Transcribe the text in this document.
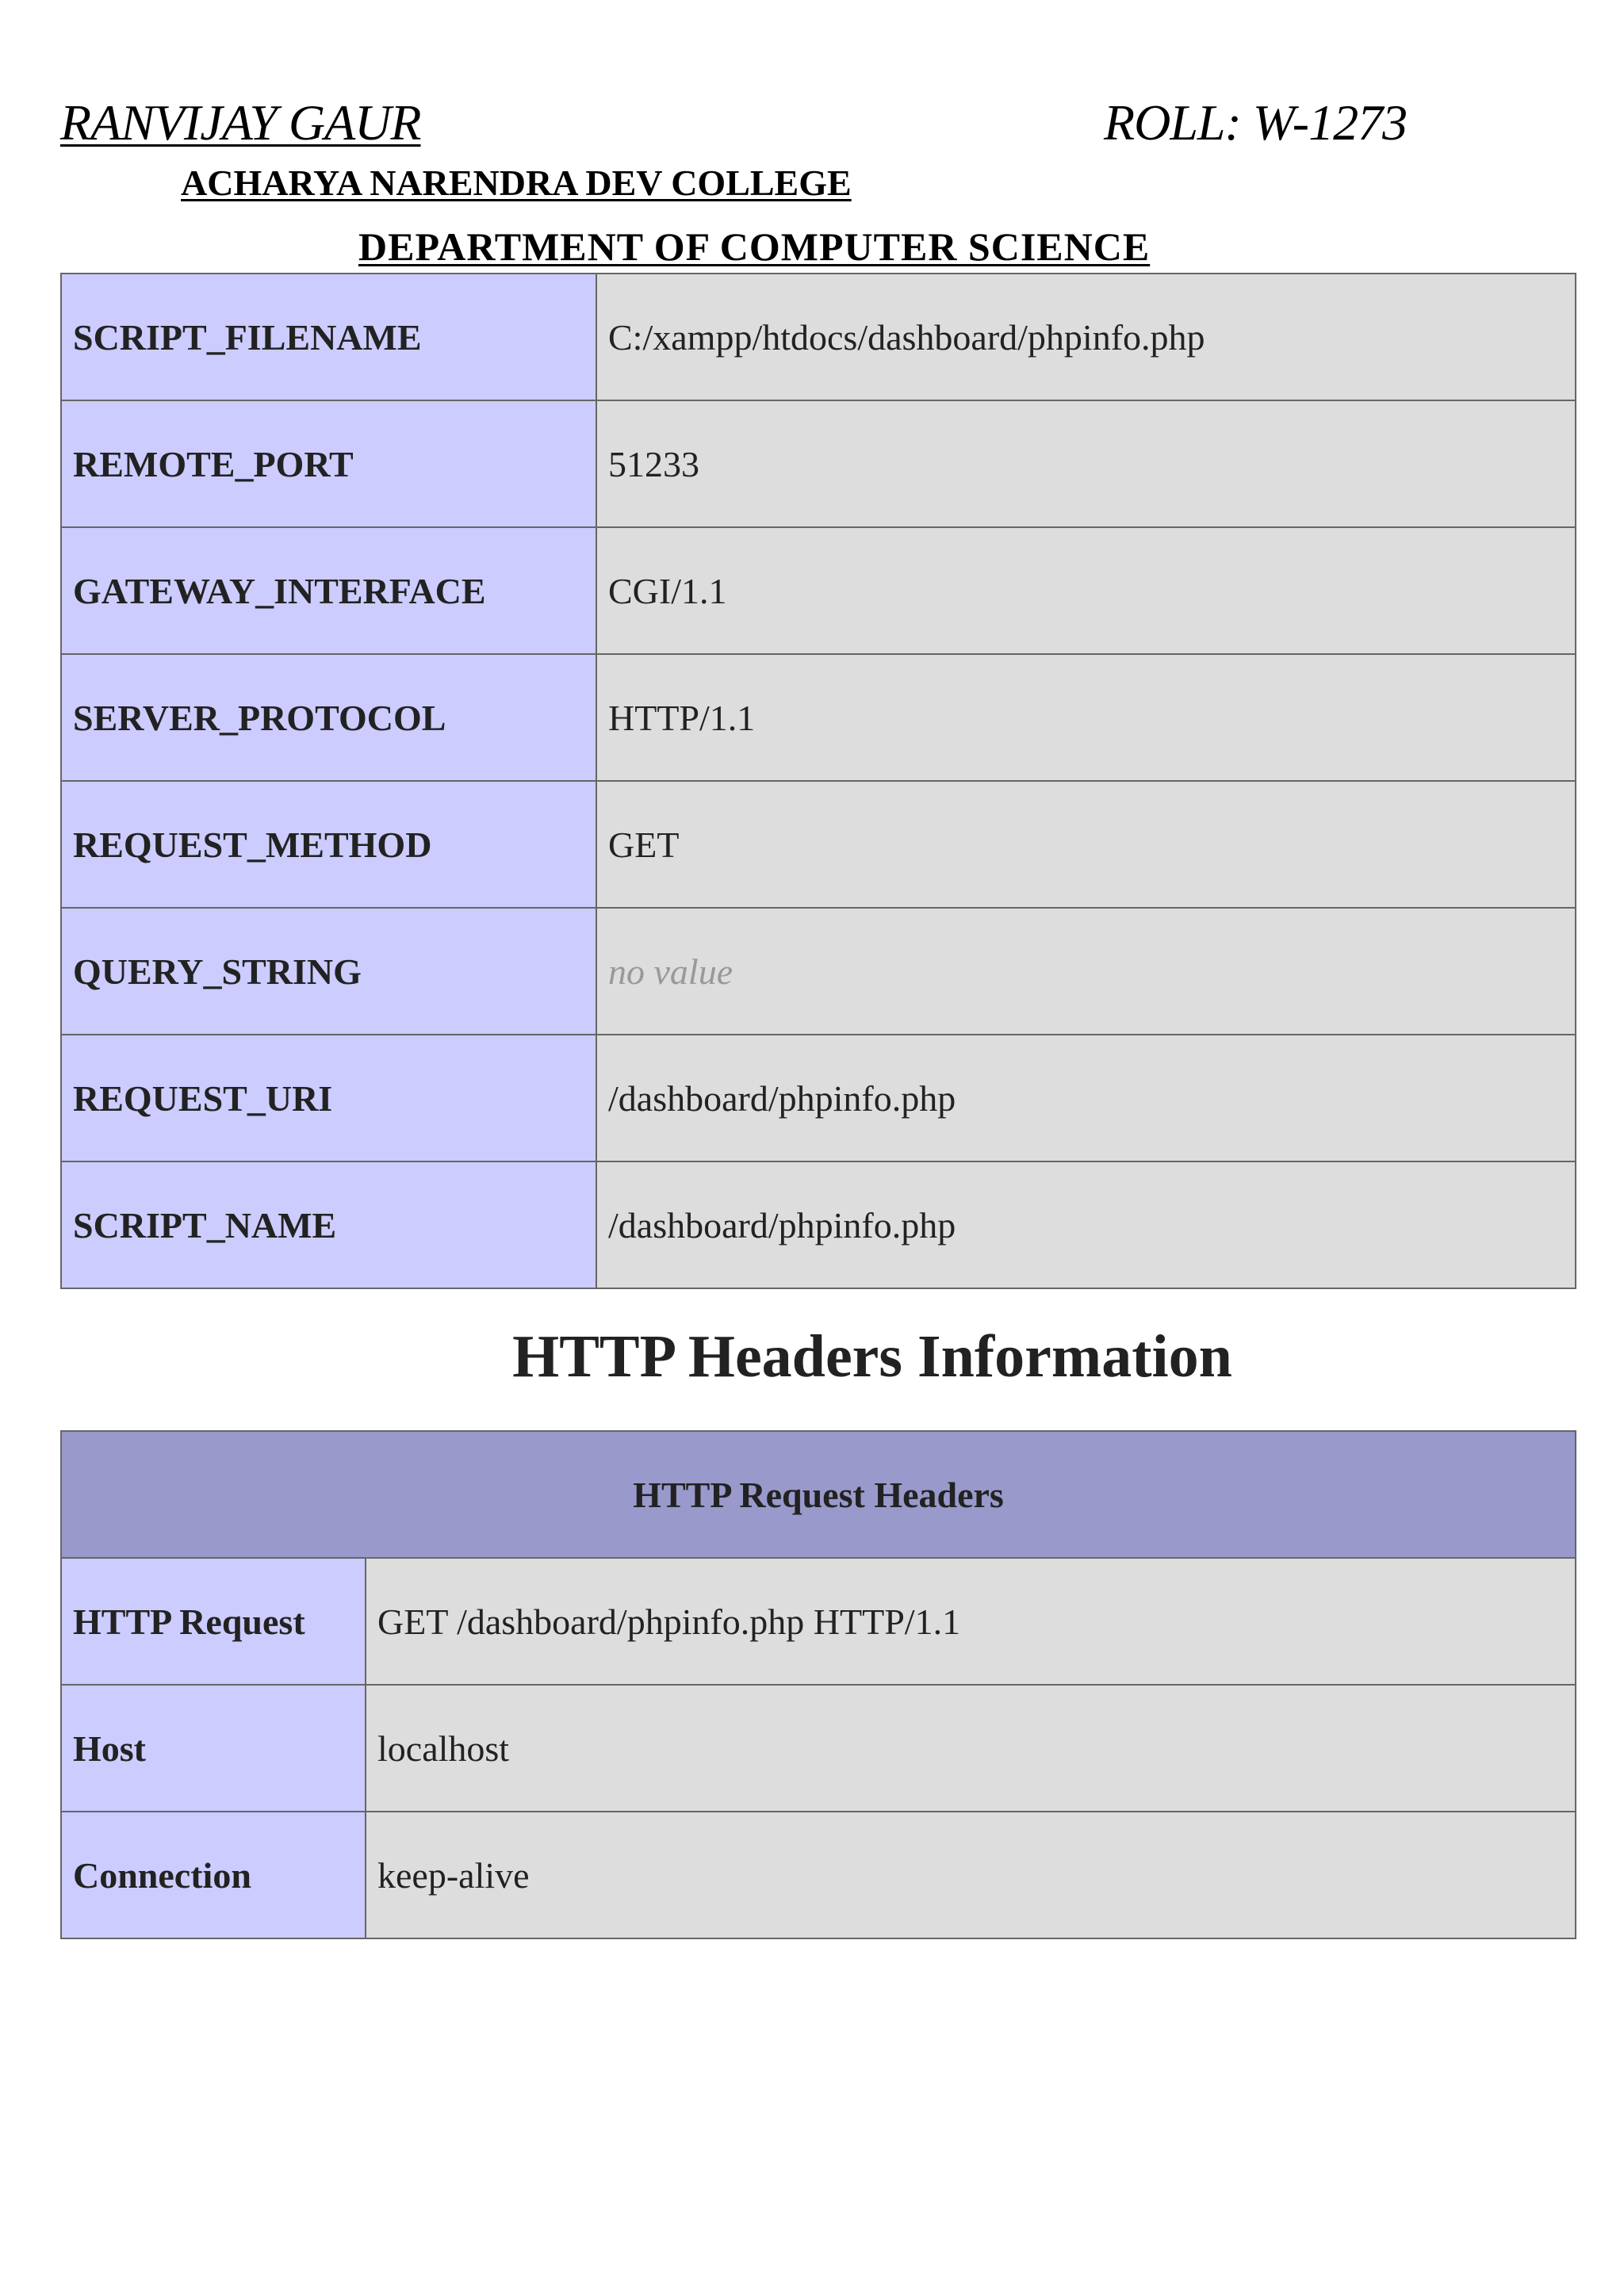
RANVIJAY GAUR	ROLL: W-1273
ACHARYA NARENDRA DEV COLLEGE
DEPARTMENT OF COMPUTER SCIENCE
SCRIPT_FILENAME	C:/xampp/htdocs/dashboard/phpinfo.php
REMOTE_PORT	51233
GATEWAY_INTERFACE	CGI/1.1
SERVER_PROTOCOL	HTTP/1.1
REQUEST_METHOD	GET
QUERY_STRING	no value
REQUEST_URI	/dashboard/phpinfo.php
SCRIPT_NAME	/dashboard/phpinfo.php
HTTP Headers Information
HTTP Request Headers	
HTTP Request	GET /dashboard/phpinfo.php HTTP/1.1
Host	localhost
Connection	keep-alive
